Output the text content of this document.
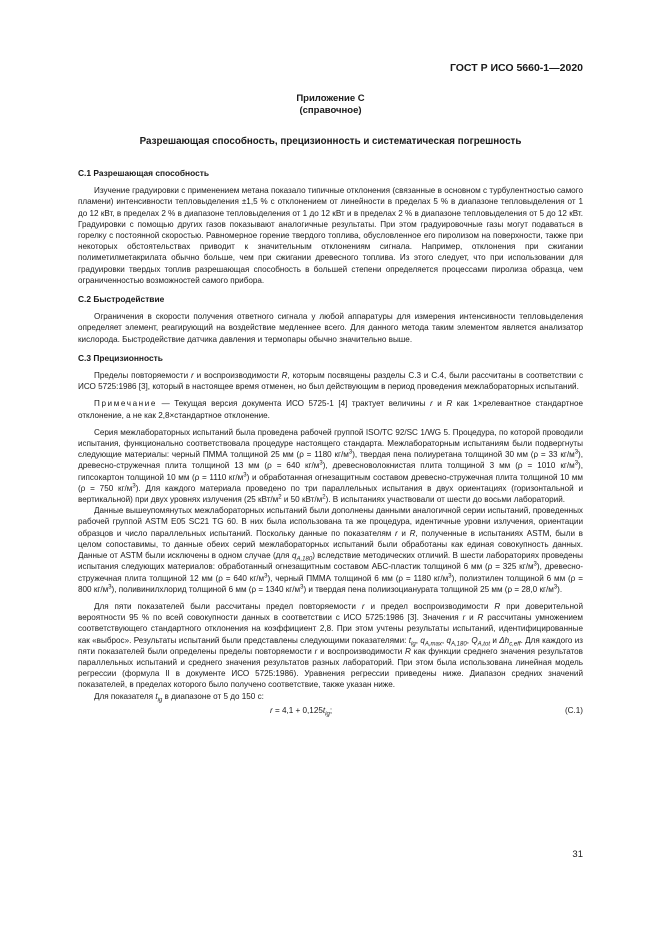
ГОСТ Р ИСО 5660-1—2020
Приложение С
(справочное)
Разрешающая способность, прецизионность и систематическая погрешность
С.1 Разрешающая способность

Изучение градуировки с применением метана показало типичные отклонения (связанные в основном с турбулентностью самого пламени) интенсивности тепловыделения ±1,5 % с отклонением от линейности в пределах 5 % в диапазоне тепловыделения от 1 до 12 кВт, в пределах 2 % в диапазоне тепловыделения от 1 до 12 кВт и в пределах 2 % в диапазоне тепловыделения от 5 до 12 кВт. Градуировки с помощью других газов показывают аналогичные результаты. При этом градуировочные газы могут подаваться в горелку с постоянной скоростью. Равномерное горение твердого топлива, обусловленное его пиролизом на поверхности, также при некоторых обстоятельствах приводит к значительным отклонениям сигнала. Например, отклонения при сжигании полиметилметакрилата обычно больше, чем при сжигании древесного топлива. Из этого следует, что при использовании для градуировки твердых топлив разрешающая способность в большей степени определяется процессами пиролиза образца, чем ограниченностью возможностей самого прибора.

С.2 Быстродействие

Ограничения в скорости получения ответного сигнала у любой аппаратуры для измерения интенсивности тепловыделения определяет элемент, реагирующий на воздействие медленнее всего. Для данного метода таким элементом является анализатор кислорода. Быстродействие датчика давления и термопары обычно значительно выше.

С.3 Прецизионность

Пределы повторяемости r и воспроизводимости R, которым посвящены разделы С.3 и С.4, были рассчитаны в соответствии с ИСО 5725:1986 [3], который в настоящее время отменен, но был действующим в период проведения межлабораторных испытаний.

Примечание — Текущая версия документа ИСО 5725-1 [4] трактует величины r и R как 1×релевантное стандартное отклонение, а не как 2,8×стандартное отклонение.

Серия межлабораторных испытаний была проведена рабочей группой ISO/TC 92/SC 1/WG 5. Процедура, по которой проводили испытания, функционально соответствовала процедуре настоящего стандарта. Межлабораторным испытаниям были подвергнуты следующие материалы: черный ПММА толщиной 25 мм (ρ = 1180 $кг/м^3$), твердая пена полиуретана толщиной 30 мм (ρ = 33 $кг/м^3$), древесно-стружечная плита толщиной 13 мм (ρ = 640 $кг/м^3$), древесноволокнистая плита толщиной 3 мм (ρ = 1010 $кг/м^3$), гипсокартон толщиной 10 мм (ρ = 1110 $кг/м^3$) и обработанная огнезащитным составом древесно-стружечная плита толщиной 10 мм (ρ = 750 $кг/м^3$). Для каждого материала проведено по три параллельных испытания в двух ориентациях (горизонтальной и вертикальной) при двух уровнях излучения (25 кВт/$м^2$ и 50 кВт/$м^2$). В испытаниях участвовали от шести до восьми лабораторий.

Данные вышеупомянутых межлабораторных испытаний были дополнены данными аналогичной серии испытаний, проведенных рабочей группой ASTM E05 SC21 TG 60. В них была использована та же процедура, идентичные уровни излучения, ориентации образцов и число параллельных испытаний. Поскольку данные по показателям r и R, полученные в испытаниях ASTM, были в целом сопоставимы, то данные обеих серий межлабораторных испытаний были обработаны как единая совокупность данных. Данные от ASTM были исключены в одном случае (для $q_{A,180}$) вследствие методических отличий. В шести лабораториях проведены испытания следующих материалов: обработанный огнезащитным составом АБС-пластик толщиной 6 мм (ρ = 325 $кг/м^3$), древесно-стружечная плита толщиной 12 мм (ρ = 640 $кг/м^3$), черный ПММА толщиной 6 мм (ρ = 1180 $кг/м^3$), полиэтилен толщиной 6 мм (ρ = 800 $кг/м^3$), поливинилхлорид толщиной 6 мм (ρ = 1340 $кг/м^3$) и твердая пена полиизоциануратa толщиной 25 мм (ρ = 28,0 $кг/м^3$).

Для пяти показателей были рассчитаны предел повторяемости r и предел воспроизводимости R при доверительной вероятности 95 % по всей совокупности данных в соответствии с ИСО 5725:1986 [3]. Значения r и R рассчитаны умножением соответствующего стандартного отклонения на коэффициент 2,8. При этом учтены результаты испытаний, идентифицированные как «выброс». Результаты испытаний были представлены следующими показателями: $t_{ig}$, $q_{A,max}$, $q_{A,180}$, $Q_{A,tot}$ и $\Delta h_{c,eff}$. Для каждого из пяти показателей были определены пределы повторяемости r и воспроизводимости R как функции среднего значения результатов параллельных испытаний и среднего значения результатов разных лабораторий. При этом была использована линейная модель регрессии (формула II в документе ИСО 5725:1986). Уравнения регрессии приведены ниже. Диапазон средних значений показателей, в пределах которого было получено соответствие, также указан ниже.

Для показателя $t_{ig}$ в диапазоне от 5 до 150 с:

$r = 4,1 + 0,125t_{ig}$;	(С.1)
31
